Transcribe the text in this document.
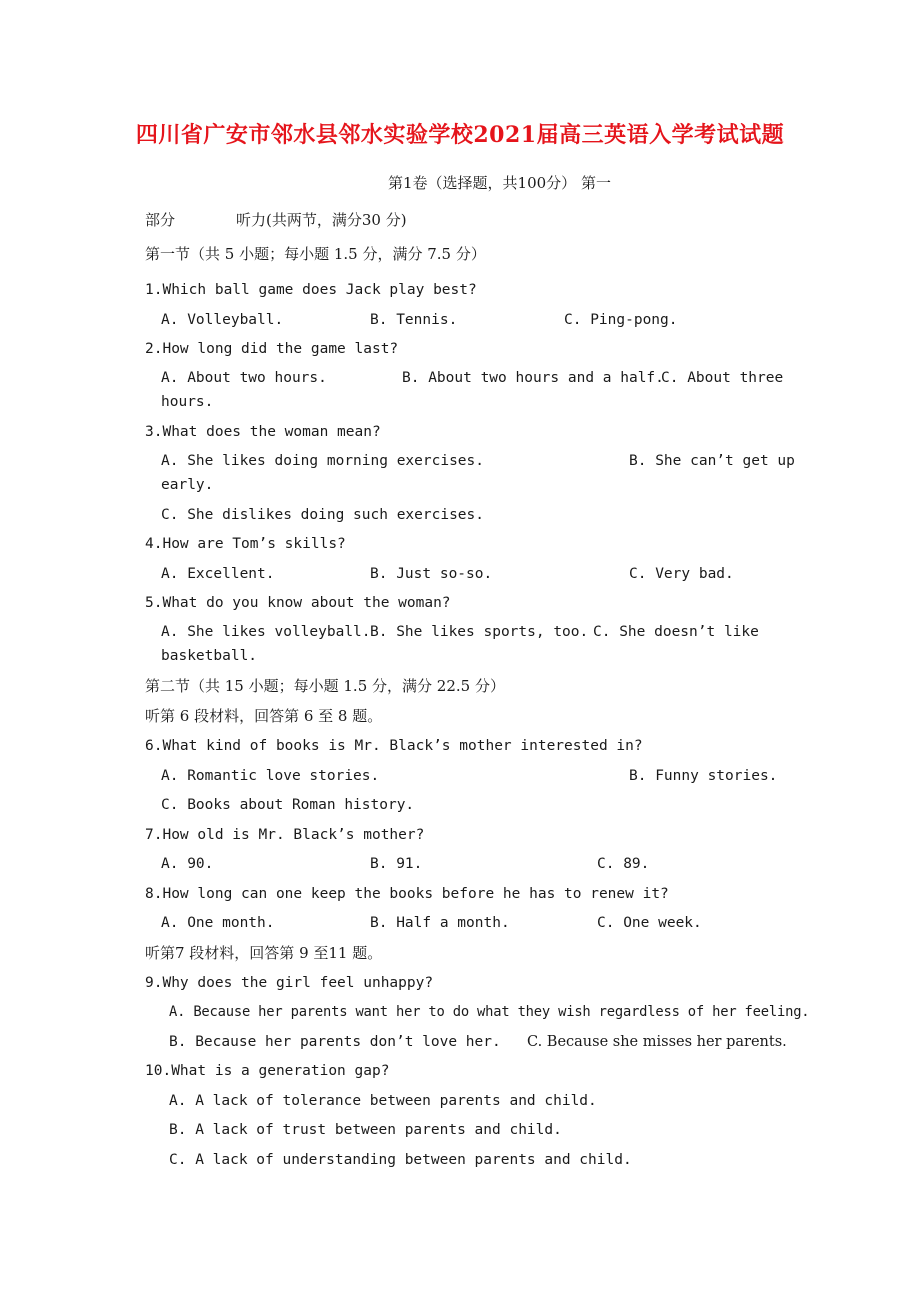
四川省广安市邻水县邻水实验学校2021届高三英语入学考试试题
第1卷（选择题，共100分） 第一
部分	听力(共两节，满分30 分)
第一节（共 5 小题；每小题 1.5 分，满分 7.5 分）
1.Which ball game does Jack play best?
A. Volleyball.	B. Tennis.	C. Ping-pong.
2.How long did the game last?
A. About two hours.	B. About two hours and a half.
C. About three
hours.
3.What does the woman mean?
A. She likes doing morning exercises.	B. She can’t get up
early.
C. She dislikes doing such exercises.
4.How are Tom’s skills?
A. Excellent.	B. Just so-so.	C. Very bad.
5.What do you know about the woman?
A. She likes volleyball. B. She likes sports, too. C. She doesn’t like
basketball.
第二节（共 15 小题；每小题 1.5 分，满分 22.5 分）
听第 6 段材料，回答第 6 至 8 题。
6.What kind of books is Mr. Black’s mother interested in?
A. Romantic love stories.	B. Funny stories.
C. Books about Roman history.
7.How old is Mr. Black’s mother?
A. 90.	B. 91.	C. 89.
8.How long can one keep the books before he has to renew it?
A. One month.	B. Half a month.	C. One week.
听第7 段材料，回答第 9 至11 题。
9.Why does the girl feel unhappy?
A. Because her parents want her to do what they wish regardless of her feeling.
B. Because her parents don’t love her. C. Because she misses her parents.
10.What is a generation gap?
A. A lack of tolerance between parents and child.
B. A lack of trust between parents and child.
C. A lack of understanding between parents and child.
